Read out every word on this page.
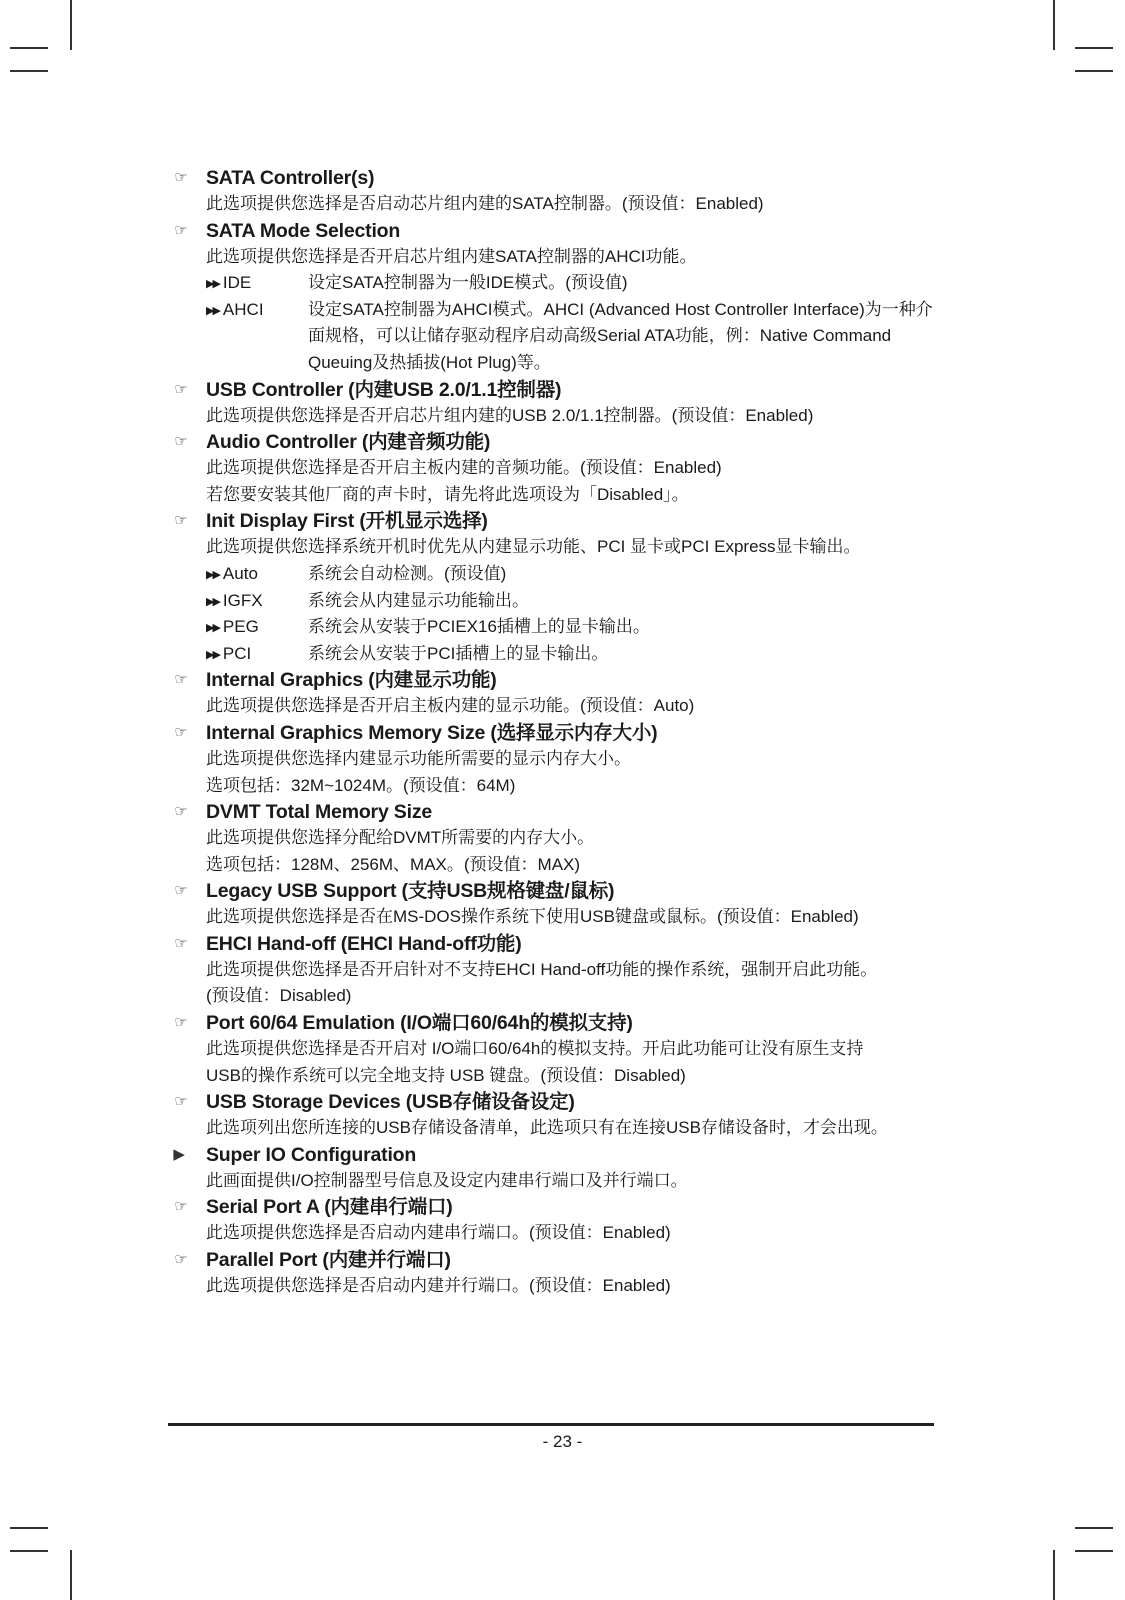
☞ SATA Controller(s)

此选项提供您选择是否启动芯片组内建的SATA控制器。(预设值：Enabled)

☞ SATA Mode Selection

此选项提供您选择是否开启芯片组内建SATA控制器的AHCI功能。

▶▶ IDE	设定SATA控制器为一般IDE模式。(预设值)

▶▶ AHCI	设定SATA控制器为AHCI模式。AHCI (Advanced Host Controller Interface)为一种介

面规格，可以让储存驱动程序启动高级Serial ATA功能，例：Native Command

Queuing及热插拔(Hot Plug)等。

☞ USB Controller (内建USB 2.0/1.1控制器)

此选项提供您选择是否开启芯片组内建的USB 2.0/1.1控制器。(预设值：Enabled)

☞ Audio Controller (内建音频功能)

此选项提供您选择是否开启主板内建的音频功能。(预设值：Enabled)

若您要安装其他厂商的声卡时，请先将此选项设为「Disabled」。

☞ Init Display First (开机显示选择)

此选项提供您选择系统开机时优先从内建显示功能、PCI 显卡或PCI Express显卡输出。

▶▶ Auto	系统会自动检测。(预设值)

▶▶ IGFX	系统会从内建显示功能输出。

▶▶ PEG	系统会从安装于PCIEX16插槽上的显卡输出。

▶▶ PCI	系统会从安装于PCI插槽上的显卡输出。

☞ Internal Graphics (内建显示功能)

此选项提供您选择是否开启主板内建的显示功能。(预设值：Auto)

☞ Internal Graphics Memory Size (选择显示内存大小)

此选项提供您选择内建显示功能所需要的显示内存大小。

选项包括：32M~1024M。(预设值：64M)

☞ DVMT Total Memory Size

此选项提供您选择分配给DVMT所需要的内存大小。

选项包括：128M、256M、MAX。(预设值：MAX)

☞ Legacy USB Support (支持USB规格键盘/鼠标)

此选项提供您选择是否在MS-DOS操作系统下使用USB键盘或鼠标。(预设值：Enabled)

☞ EHCI Hand-off (EHCI Hand-off功能)

此选项提供您选择是否开启针对不支持EHCI Hand-off功能的操作系统，强制开启此功能。

(预设值：Disabled)

☞ Port 60/64 Emulation (I/O端口60/64h的模拟支持)

此选项提供您选择是否开启对 I/O端口60/64h的模拟支持。开启此功能可让没有原生支持

USB的操作系统可以完全地支持 USB 键盘。(预设值：Disabled)

☞ USB Storage Devices (USB存储设备设定)

此选项列出您所连接的USB存储设备清单，此选项只有在连接USB存储设备时，才会出现。

▶	Super IO Configuration

此画面提供I/O控制器型号信息及设定内建串行端口及并行端口。

☞ Serial Port A (内建串行端口)

此选项提供您选择是否启动内建串行端口。(预设值：Enabled)

☞ Parallel Port (内建并行端口)

此选项提供您选择是否启动内建并行端口。(预设值：Enabled)

- 23 -
